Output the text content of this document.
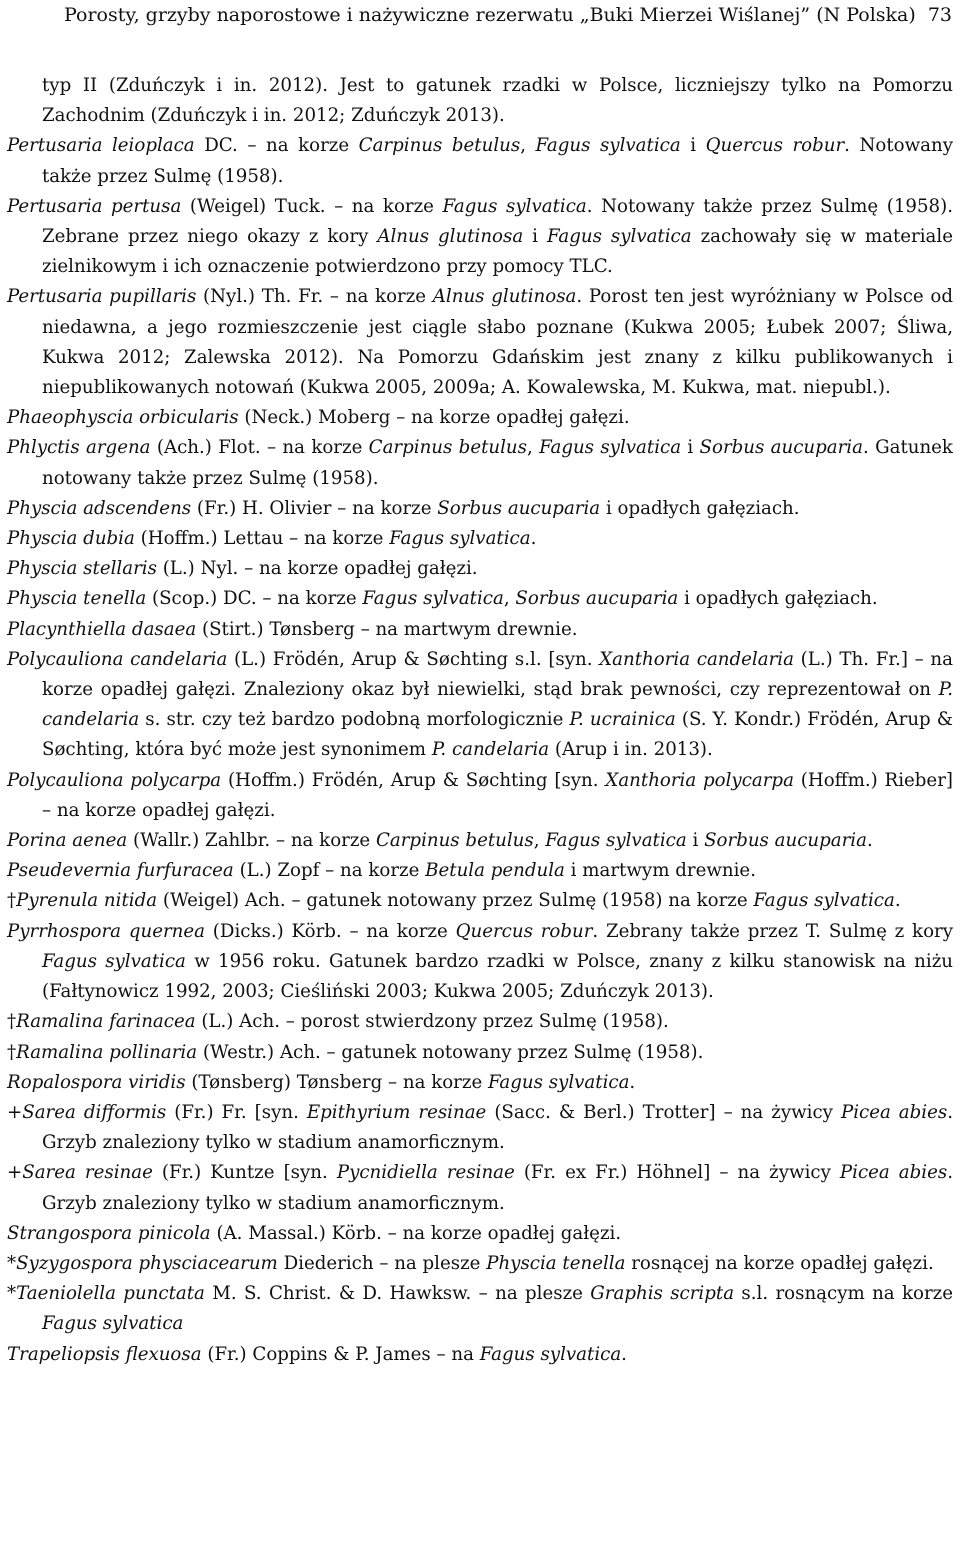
Porosty, grzyby naporostowe i nażywiczne rezerwatu „Buki Mierzei Wiślanej” (N Polska) 73

typ II (Zduńczyk i in. 2012). Jest to gatunek rzadki w Polsce, liczniejszy tylko na Pomorzu Zachodnim (Zduńczyk i in. 2012; Zduńczyk 2013).

Pertusaria leioplaca DC. – na korze Carpinus betulus, Fagus sylvatica i Quercus robur. Notowany także przez Sulmę (1958).

Pertusaria pertusa (Weigel) Tuck. – na korze Fagus sylvatica. Notowany także przez Sulmę (1958). Zebrane przez niego okazy z kory Alnus glutinosa i Fagus sylvatica zachowały się w materiale zielnikowym i ich oznaczenie potwierdzono przy pomocy TLC.

Pertusaria pupillaris (Nyl.) Th. Fr. – na korze Alnus glutinosa. Porost ten jest wyróżniany w Polsce od niedawna, a jego rozmieszczenie jest ciągle słabo poznane (Kukwa 2005; Łubek 2007; Śliwa, Kukwa 2012; Zalewska 2012). Na Pomorzu Gdańskim jest znany z kilku publikowanych i niepublikowanych notowań (Kukwa 2005, 2009a; A. Kowalewska, M. Kukwa, mat. niepubl.).

Phaeophyscia orbicularis (Neck.) Moberg – na korze opadłej gałęzi.

Phlyctis argena (Ach.) Flot. – na korze Carpinus betulus, Fagus sylvatica i Sorbus aucuparia. Gatunek notowany także przez Sulmę (1958).

Physcia adscendens (Fr.) H. Olivier – na korze Sorbus aucuparia i opadłych gałęziach.

Physcia dubia (Hoffm.) Lettau – na korze Fagus sylvatica.

Physcia stellaris (L.) Nyl. – na korze opadłej gałęzi.

Physcia tenella (Scop.) DC. – na korze Fagus sylvatica, Sorbus aucuparia i opadłych gałęziach.

Placynthiella dasaea (Stirt.) Tønsberg – na martwym drewnie.

Polycauliona candelaria (L.) Frödén, Arup & Søchting s.l. [syn. Xanthoria candelaria (L.) Th. Fr.] – na korze opadłej gałęzi. Znaleziony okaz był niewielki, stąd brak pewności, czy reprezentował on P. candelaria s. str. czy też bardzo podobną morfologicznie P. ucrainica (S. Y. Kondr.) Frödén, Arup & Søchting, która być może jest synonimem P. candelaria (Arup i in. 2013).

Polycauliona polycarpa (Hoffm.) Frödén, Arup & Søchting [syn. Xanthoria polycarpa (Hoffm.) Rieber] – na korze opadłej gałęzi.

Porina aenea (Wallr.) Zahlbr. – na korze Carpinus betulus, Fagus sylvatica i Sorbus aucuparia.

Pseudevernia furfuracea (L.) Zopf – na korze Betula pendula i martwym drewnie.

†Pyrenula nitida (Weigel) Ach. – gatunek notowany przez Sulmę (1958) na korze Fagus sylvatica.

Pyrrhospora quernea (Dicks.) Körb. – na korze Quercus robur. Zebrany także przez T. Sulmę z kory Fagus sylvatica w 1956 roku. Gatunek bardzo rzadki w Polsce, znany z kilku stanowisk na niżu (Fałtynowicz 1992, 2003; Cieśliński 2003; Kukwa 2005; Zduńczyk 2013).

†Ramalina farinacea (L.) Ach. – porost stwierdzony przez Sulmę (1958).

†Ramalina pollinaria (Westr.) Ach. – gatunek notowany przez Sulmę (1958).

Ropalospora viridis (Tønsberg) Tønsberg – na korze Fagus sylvatica.

+Sarea difformis (Fr.) Fr. [syn. Epithyrium resinae (Sacc. & Berl.) Trotter] – na żywicy Picea abies. Grzyb znaleziony tylko w stadium anamorficznym.

+Sarea resinae (Fr.) Kuntze [syn. Pycnidiella resinae (Fr. ex Fr.) Höhnel] – na żywicy Picea abies. Grzyb znaleziony tylko w stadium anamorficznym.

Strangospora pinicola (A. Massal.) Körb. – na korze opadłej gałęzi.

*Syzygospora physciacearum Diederich – na plesze Physcia tenella rosnącej na korze opadłej gałęzi.

*Taeniolella punctata M. S. Christ. & D. Hawksw. – na plesze Graphis scripta s.l. rosnącym na korze Fagus sylvatica

Trapeliopsis flexuosa (Fr.) Coppins & P. James – na Fagus sylvatica.
